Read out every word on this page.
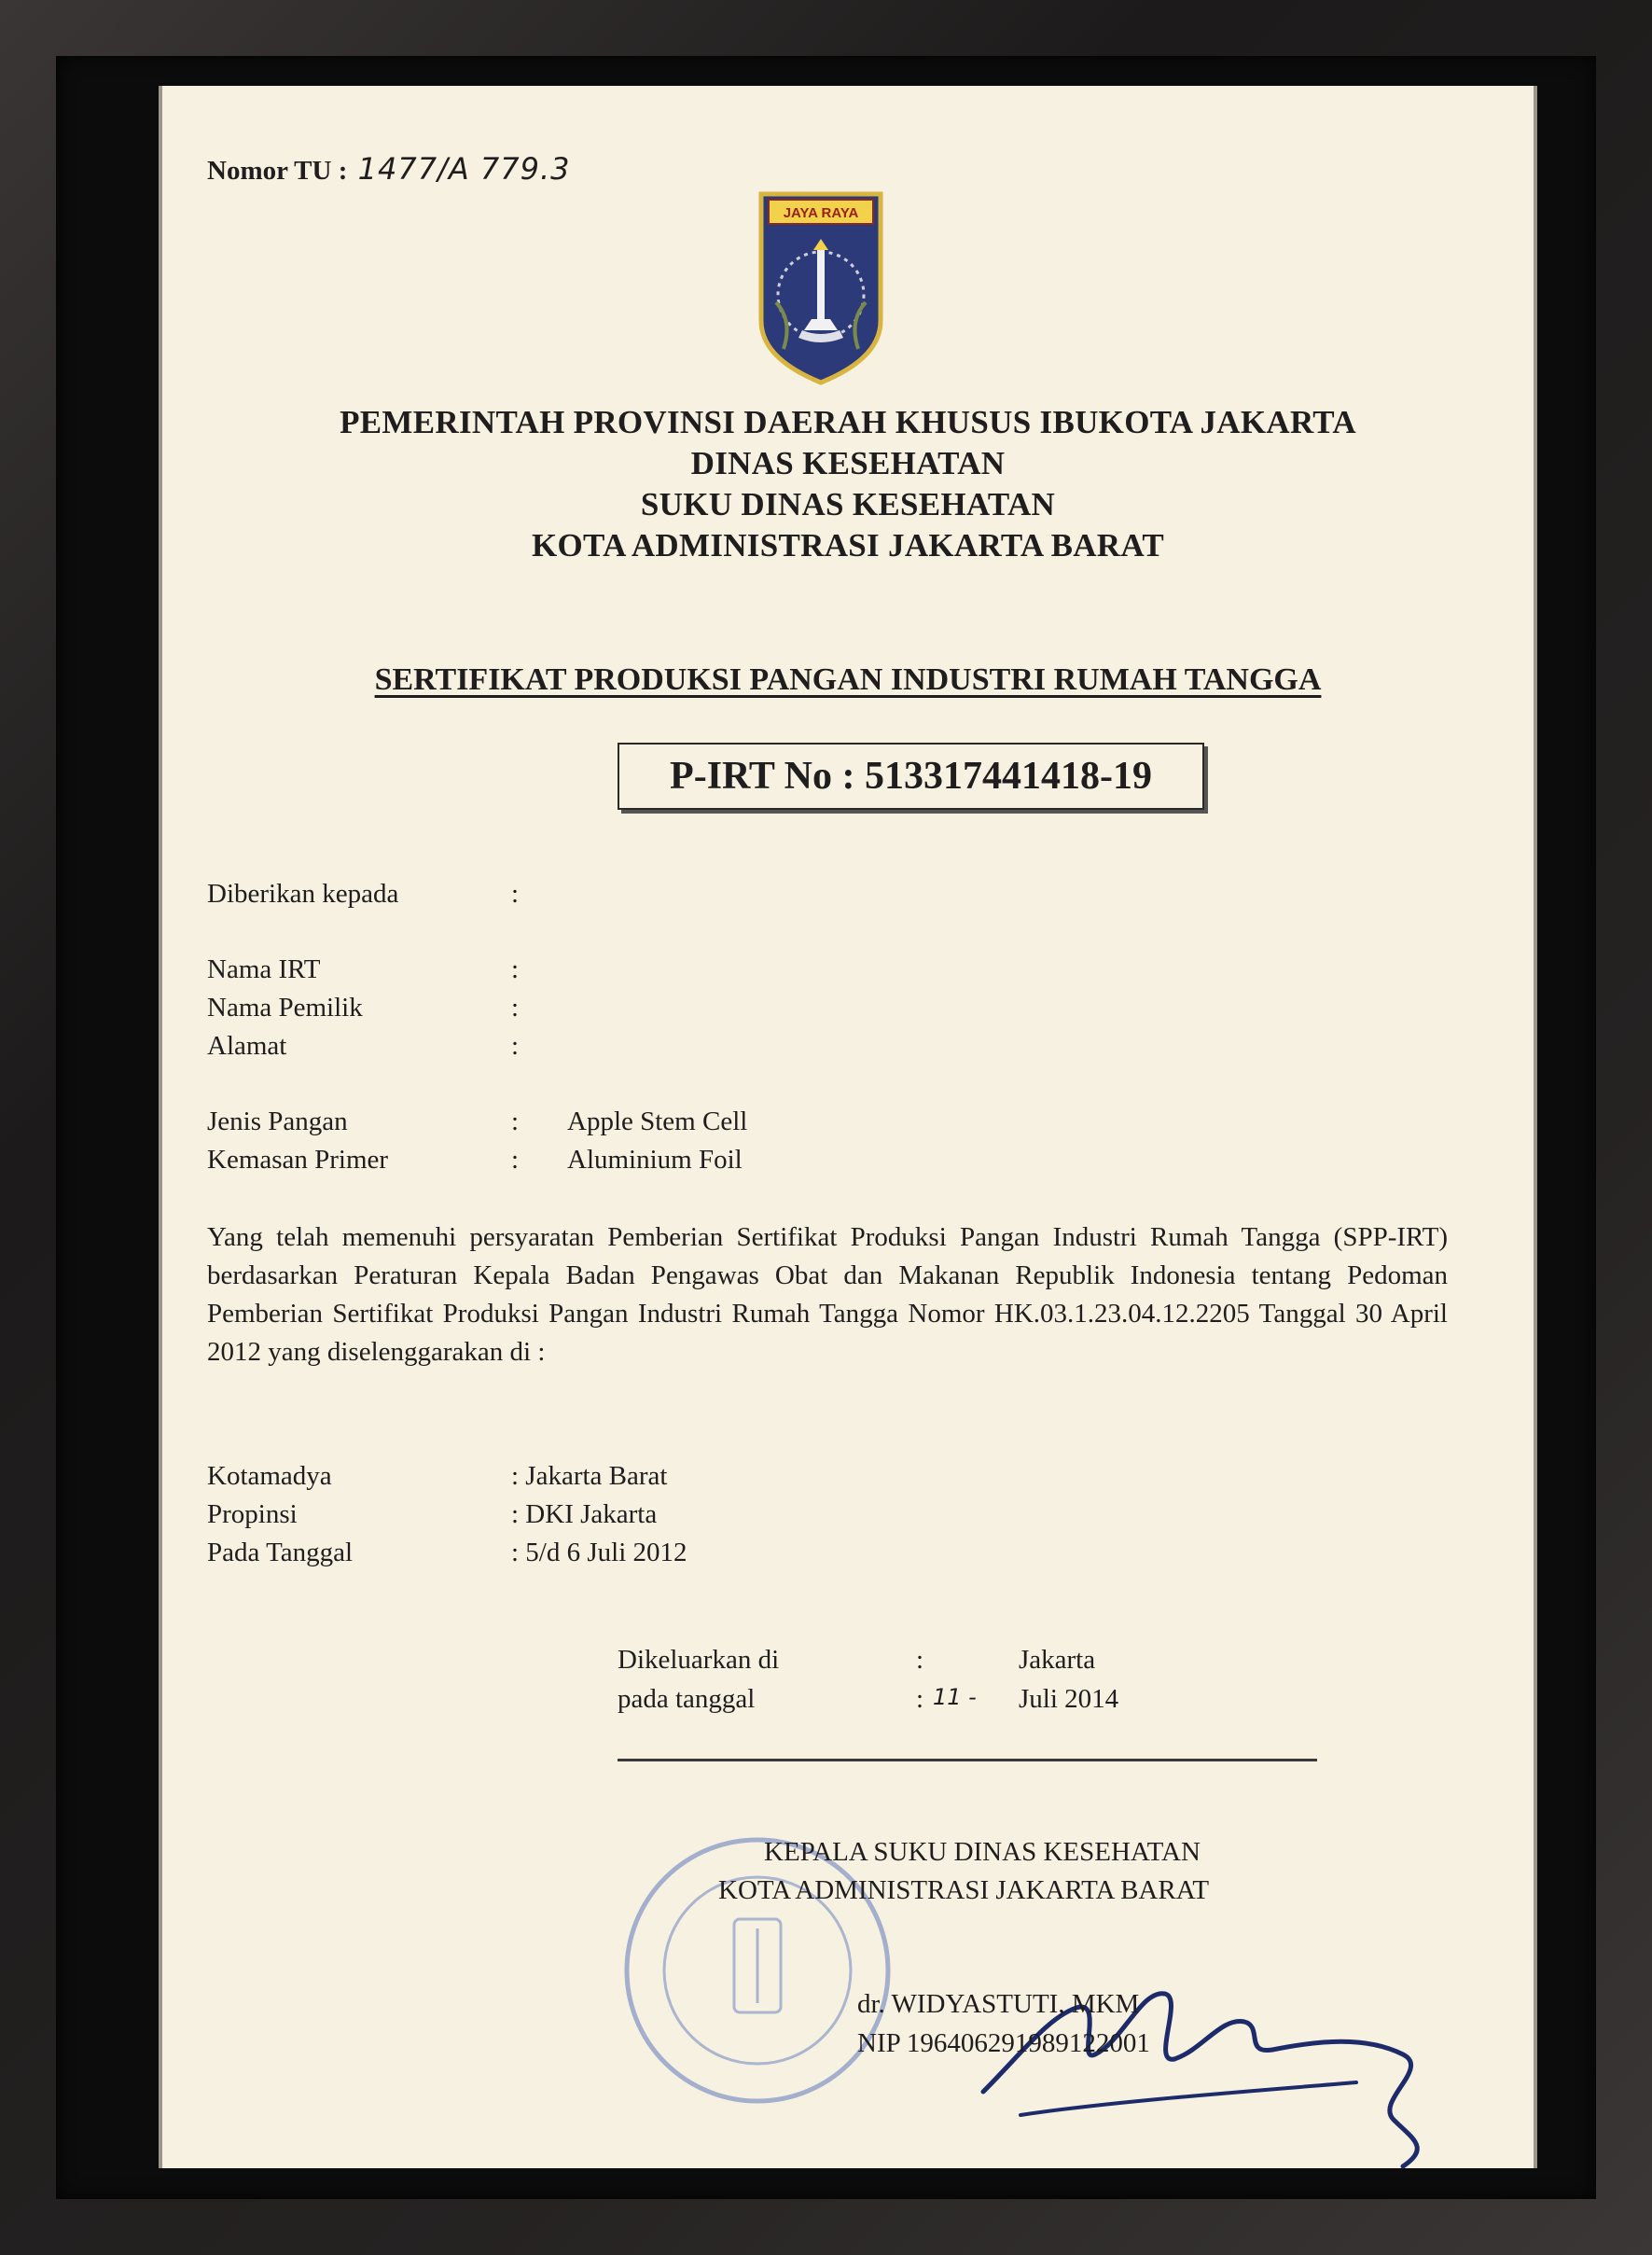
Nomor TU : 1477/A 779.3
JAYA RAYA
PEMERINTAH PROVINSI DAERAH KHUSUS IBUKOTA JAKARTA
DINAS KESEHATAN
SUKU DINAS KESEHATAN
KOTA ADMINISTRASI JAKARTA BARAT
SERTIFIKAT PRODUKSI PANGAN INDUSTRI RUMAH TANGGA
P-IRT No : 513317441418-19
Diberikan kepada	:
Nama IRT	:
Nama Pemilik	:
Alamat	:
Jenis Pangan	: Apple Stem Cell
Kemasan Primer	: Aluminium Foil
Yang telah memenuhi persyaratan Pemberian Sertifikat Produksi Pangan Industri Rumah Tangga (SPP-IRT) berdasarkan Peraturan Kepala Badan Pengawas Obat dan Makanan Republik Indonesia tentang Pedoman Pemberian Sertifikat Produksi Pangan Industri Rumah Tangga Nomor HK.03.1.23.04.12.2205 Tanggal 30 April 2012 yang diselenggarakan di :
Kotamadya	: Jakarta Barat
Propinsi	: DKI Jakarta
Pada Tanggal	: 5/d 6 Juli 2012
Dikeluarkan di	:	Jakarta
pada tanggal	: 11 - Juli 2014
KEPALA SUKU DINAS KESEHATAN
KOTA ADMINISTRASI JAKARTA BARAT
dr. WIDYASTUTI, MKM
NIP 196406291989122001
